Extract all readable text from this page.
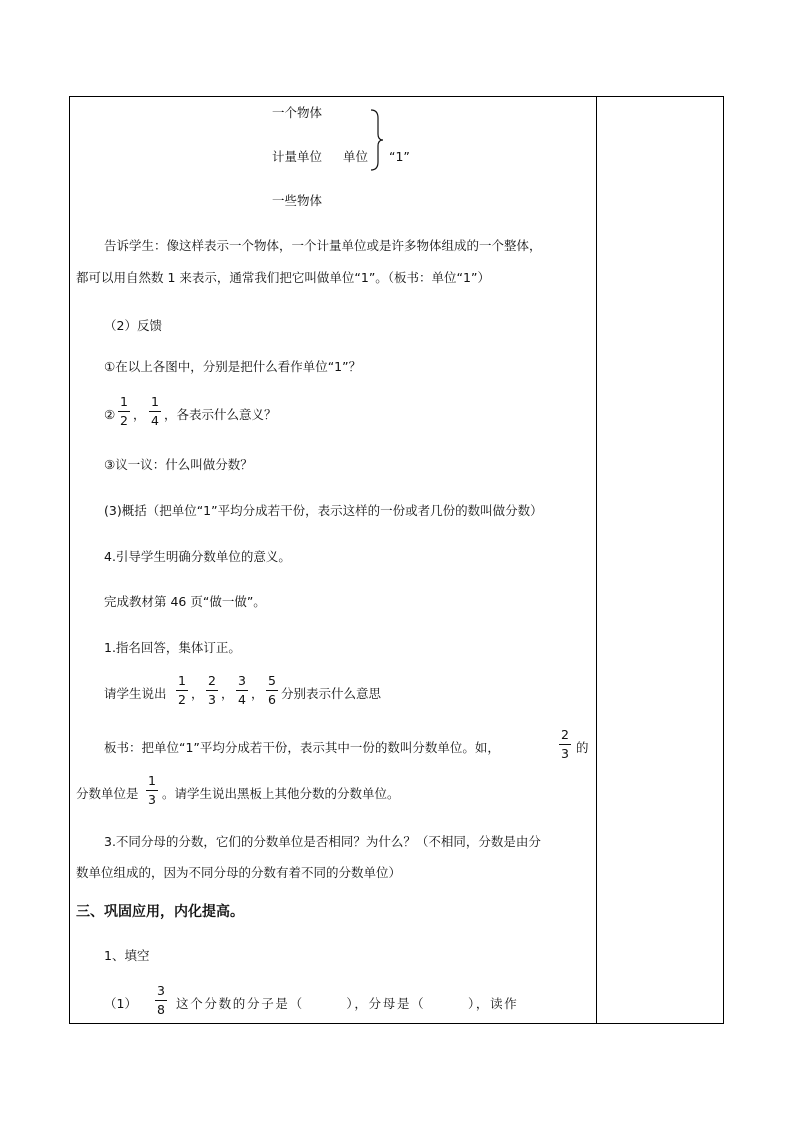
一个物体
计量单位 单位
一些物体
“1”
告诉学生：像这样表示一个物体，一个计量单位或是许多物体组成的一个整体，
都可以用自然数 1 来表示，通常我们把它叫做单位“1”。（板书：单位“1”）
（2）反馈
①在以上各图中，分别是把什么看作单位“1”？
②
1
2 ，
1
4 ，各表示什么意义？
③议一议：什么叫做分数？
(3)概括（把单位“1”平均分成若干份，表示这样的一份或者几份的数叫做分数）
4.引导学生明确分数单位的意义。
完成教材第 46 页“做一做”。
1.指名回答，集体订正。
请学生说出
1
2 ，
2
3 ，
3
4 ，
5
6 分别表示什么意思
板书：把单位“1”平均分成若干份，表示其中一份的数叫分数单位。如，
2
3 的
分数单位是
1
3 。请学生说出黑板上其他分数的分数单位。
3.不同分母的分数，它们的分数单位是否相同？为什么？（不相同，分数是由分
数单位组成的，因为不同分母的分数有着不同的分数单位）
三、巩固应用，内化提高。
1、填空
（1）
3
8 这个分数的分子是（　　　），分母是（　　　），读作
